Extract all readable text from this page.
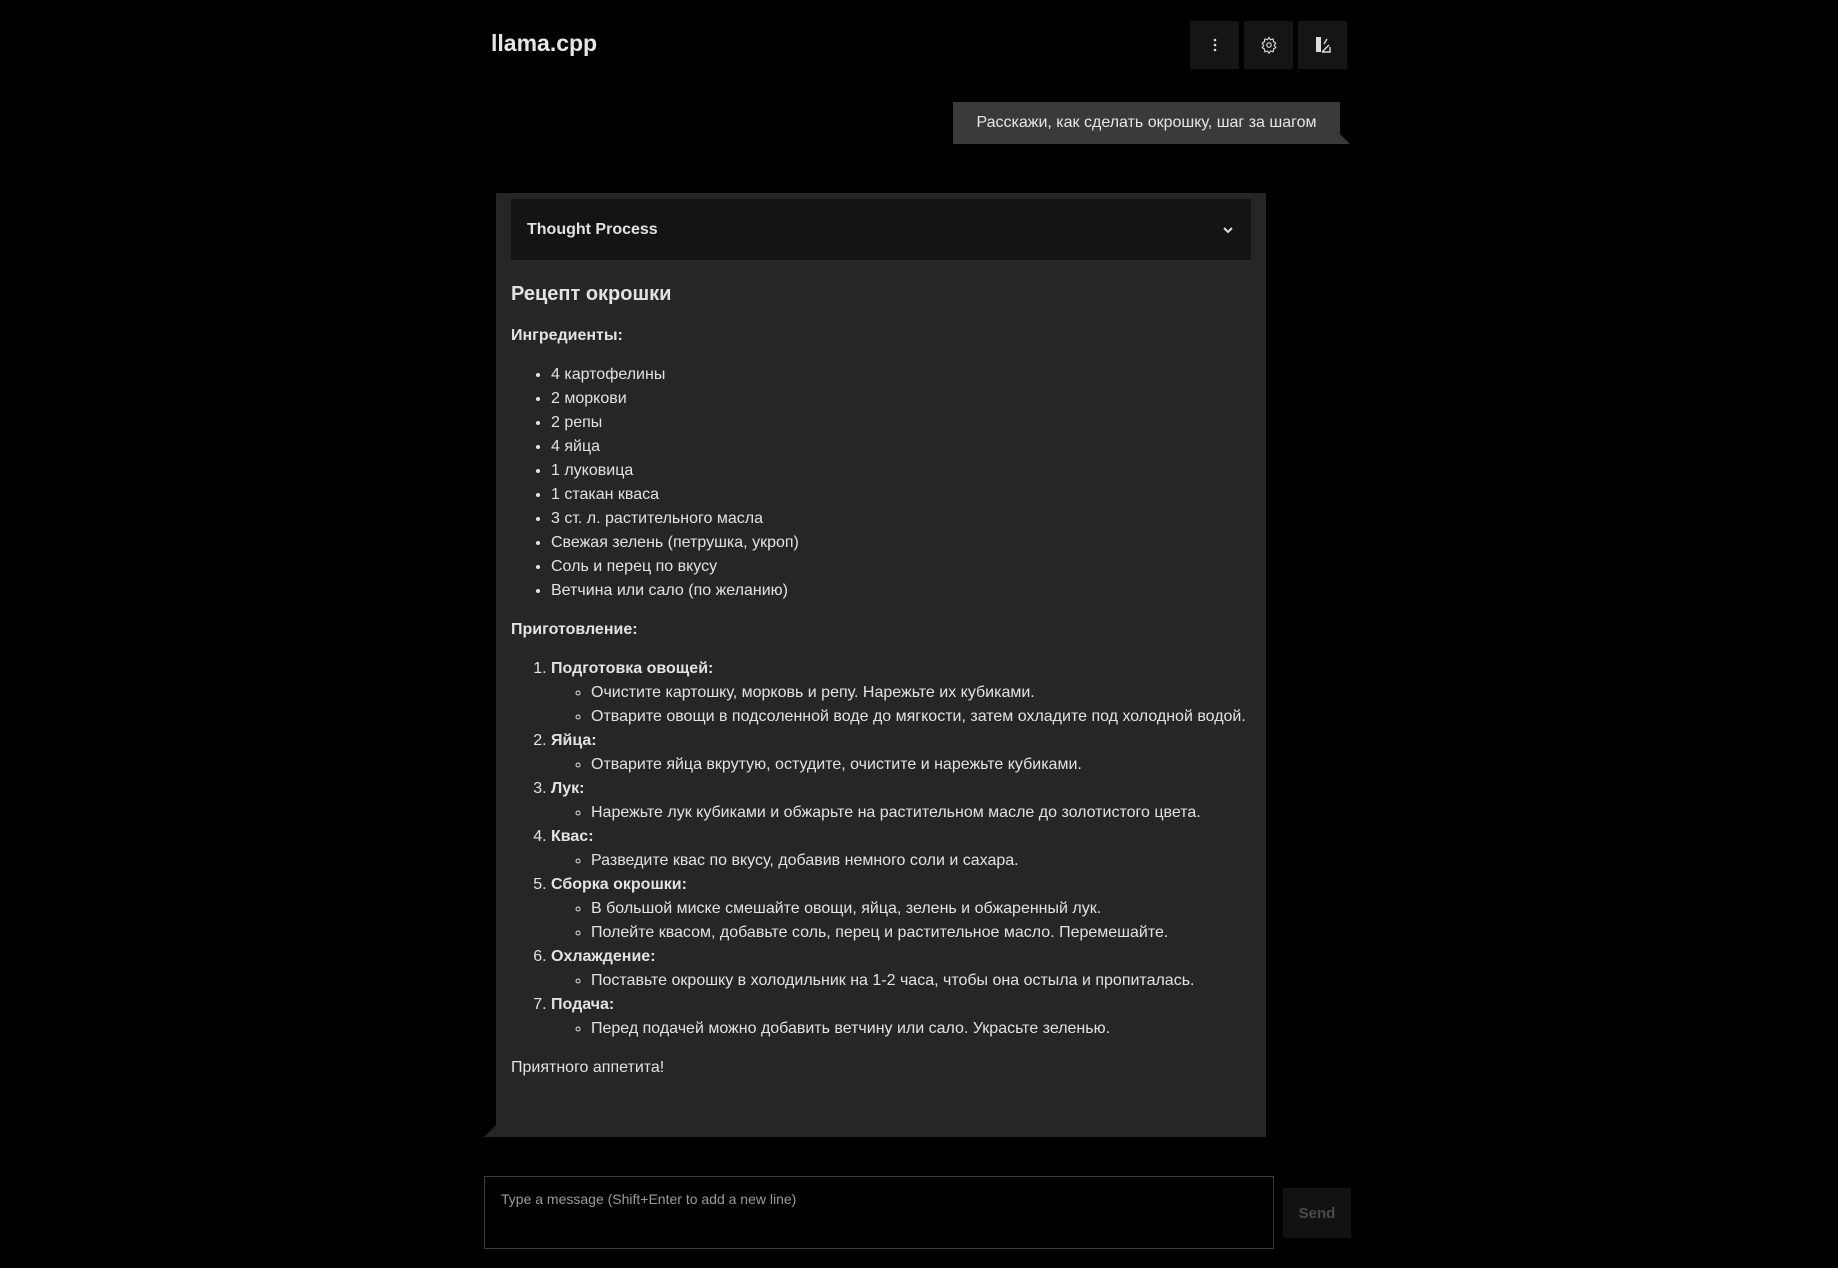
llama.cpp
Расскажи, как сделать окрошку, шаг за шагом
Thought Process
Рецепт окрошки

Ингредиенты:

• 4 картофелины
• 2 моркови
• 2 репы
• 4 яйца
• 1 луковица
• 1 стакан кваса
• 3 ст. л. растительного масла
• Свежая зелень (петрушка, укроп)
• Соль и перец по вкусу
• Ветчина или сало (по желанию)

Приготовление:

1. Подготовка овощей:
◦ Очистите картошку, морковь и репу. Нарежьте их кубиками.
◦ Отварите овощи в подсоленной воде до мягкости, затем охладите под холодной водой.
2. Яйца:
◦ Отварите яйца вкрутую, остудите, очистите и нарежьте кубиками.
3. Лук:
◦ Нарежьте лук кубиками и обжарьте на растительном масле до золотистого цвета.
4. Квас:
◦ Разведите квас по вкусу, добавив немного соли и сахара.
5. Сборка окрошки:
◦ В большой миске смешайте овощи, яйца, зелень и обжаренный лук.
◦ Полейте квасом, добавьте соль, перец и растительное масло. Перемешайте.
6. Охлаждение:
◦ Поставьте окрошку в холодильник на 1-2 часа, чтобы она остыла и пропиталась.
7. Подача:
◦ Перед подачей можно добавить ветчину или сало. Украсьте зеленью.

Приятного аппетита!

Type a message (Shift+Enter to add a new line)
Send
